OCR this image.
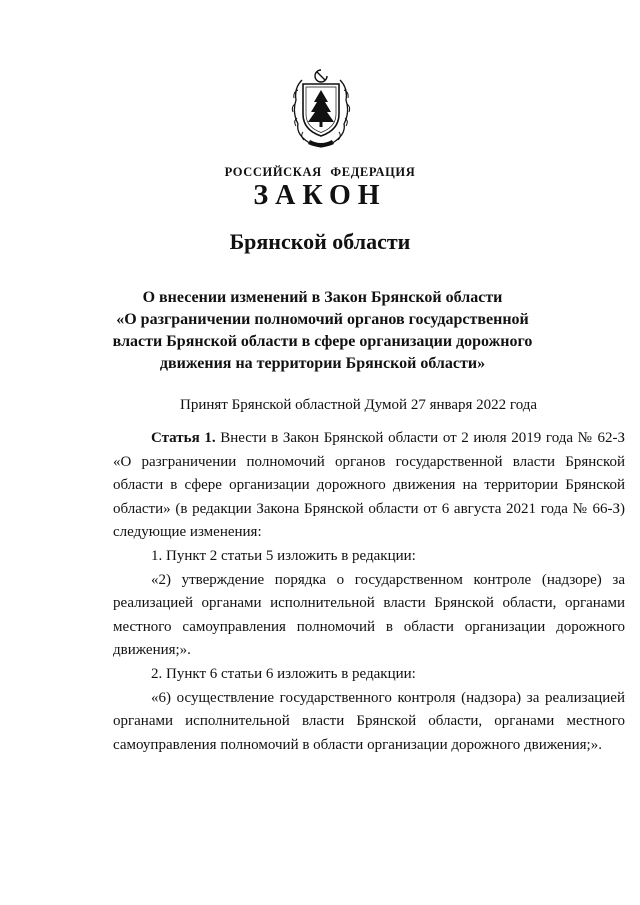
РОССИЙСКАЯ ФЕДЕРАЦИЯ
ЗАКОН
Брянской области
О внесении изменений в Закон Брянской области
«О разграничении полномочий органов государственной
власти Брянской области в сфере организации дорожного
движения на территории Брянской области»

Принят Брянской областной Думой 27 января 2022 года

Статья 1. Внести в Закон Брянской области от 2 июля 2019 года № 62-З «О разграничении полномочий органов государственной власти Брянской области в сфере организации дорожного движения на территории Брянской области» (в редакции Закона Брянской области от 6 августа 2021 года № 66-З) следующие изменения:

1. Пункт 2 статьи 5 изложить в редакции:

«2) утверждение порядка о государственном контроле (надзоре) за реализацией органами исполнительной власти Брянской области, органами местного самоуправления полномочий в области организации дорожного движения;».

2. Пункт 6 статьи 6 изложить в редакции:

«6) осуществление государственного контроля (надзора) за реализацией органами исполнительной власти Брянской области, органами местного самоуправления полномочий в области организации дорожного движения;».
